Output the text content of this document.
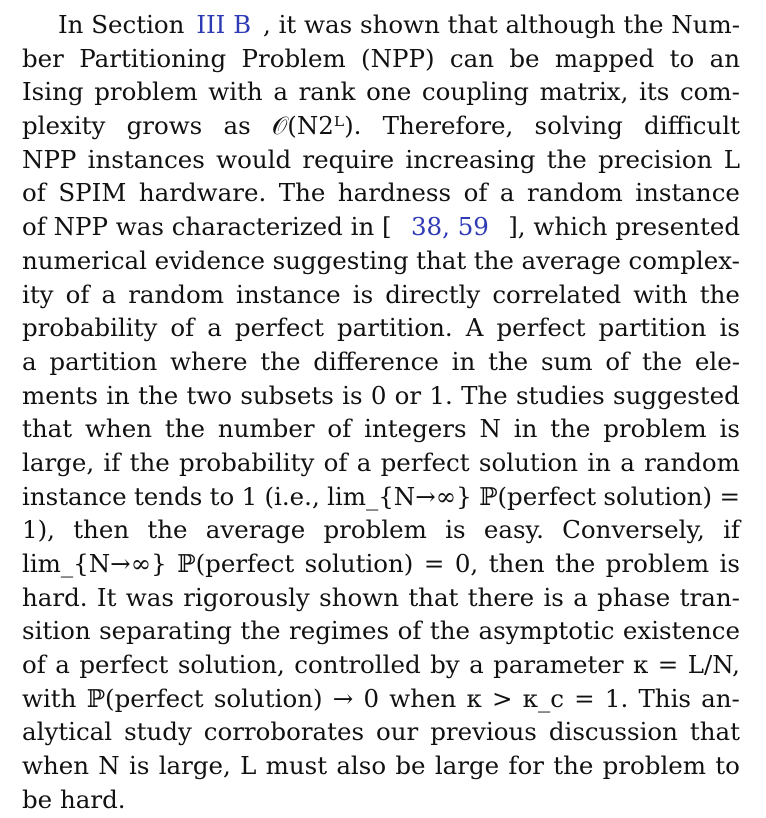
In Section III B , it was shown that although the Num-
ber Partitioning Problem (NPP) can be mapped to an
Ising problem with a rank one coupling matrix, its com-
plexity grows as 𝒪(N2ᴸ). Therefore, solving difficult
NPP instances would require increasing the precision L
of SPIM hardware. The hardness of a random instance
of NPP was characterized in [ 38, 59 ], which presented
numerical evidence suggesting that the average complex-
ity of a random instance is directly correlated with the
probability of a perfect partition. A perfect partition is
a partition where the difference in the sum of the ele-
ments in the two subsets is 0 or 1. The studies suggested
that when the number of integers N in the problem is
large, if the probability of a perfect solution in a random
instance tends to 1 (i.e., lim_{N→∞} ℙ(perfect solution) =
1), then the average problem is easy. Conversely, if
lim_{N→∞} ℙ(perfect solution) = 0, then the problem is
hard. It was rigorously shown that there is a phase tran-
sition separating the regimes of the asymptotic existence
of a perfect solution, controlled by a parameter κ = L/N,
with ℙ(perfect solution) → 0 when κ > κ_c = 1. This an-
alytical study corroborates our previous discussion that
when N is large, L must also be large for the problem to
be hard.
